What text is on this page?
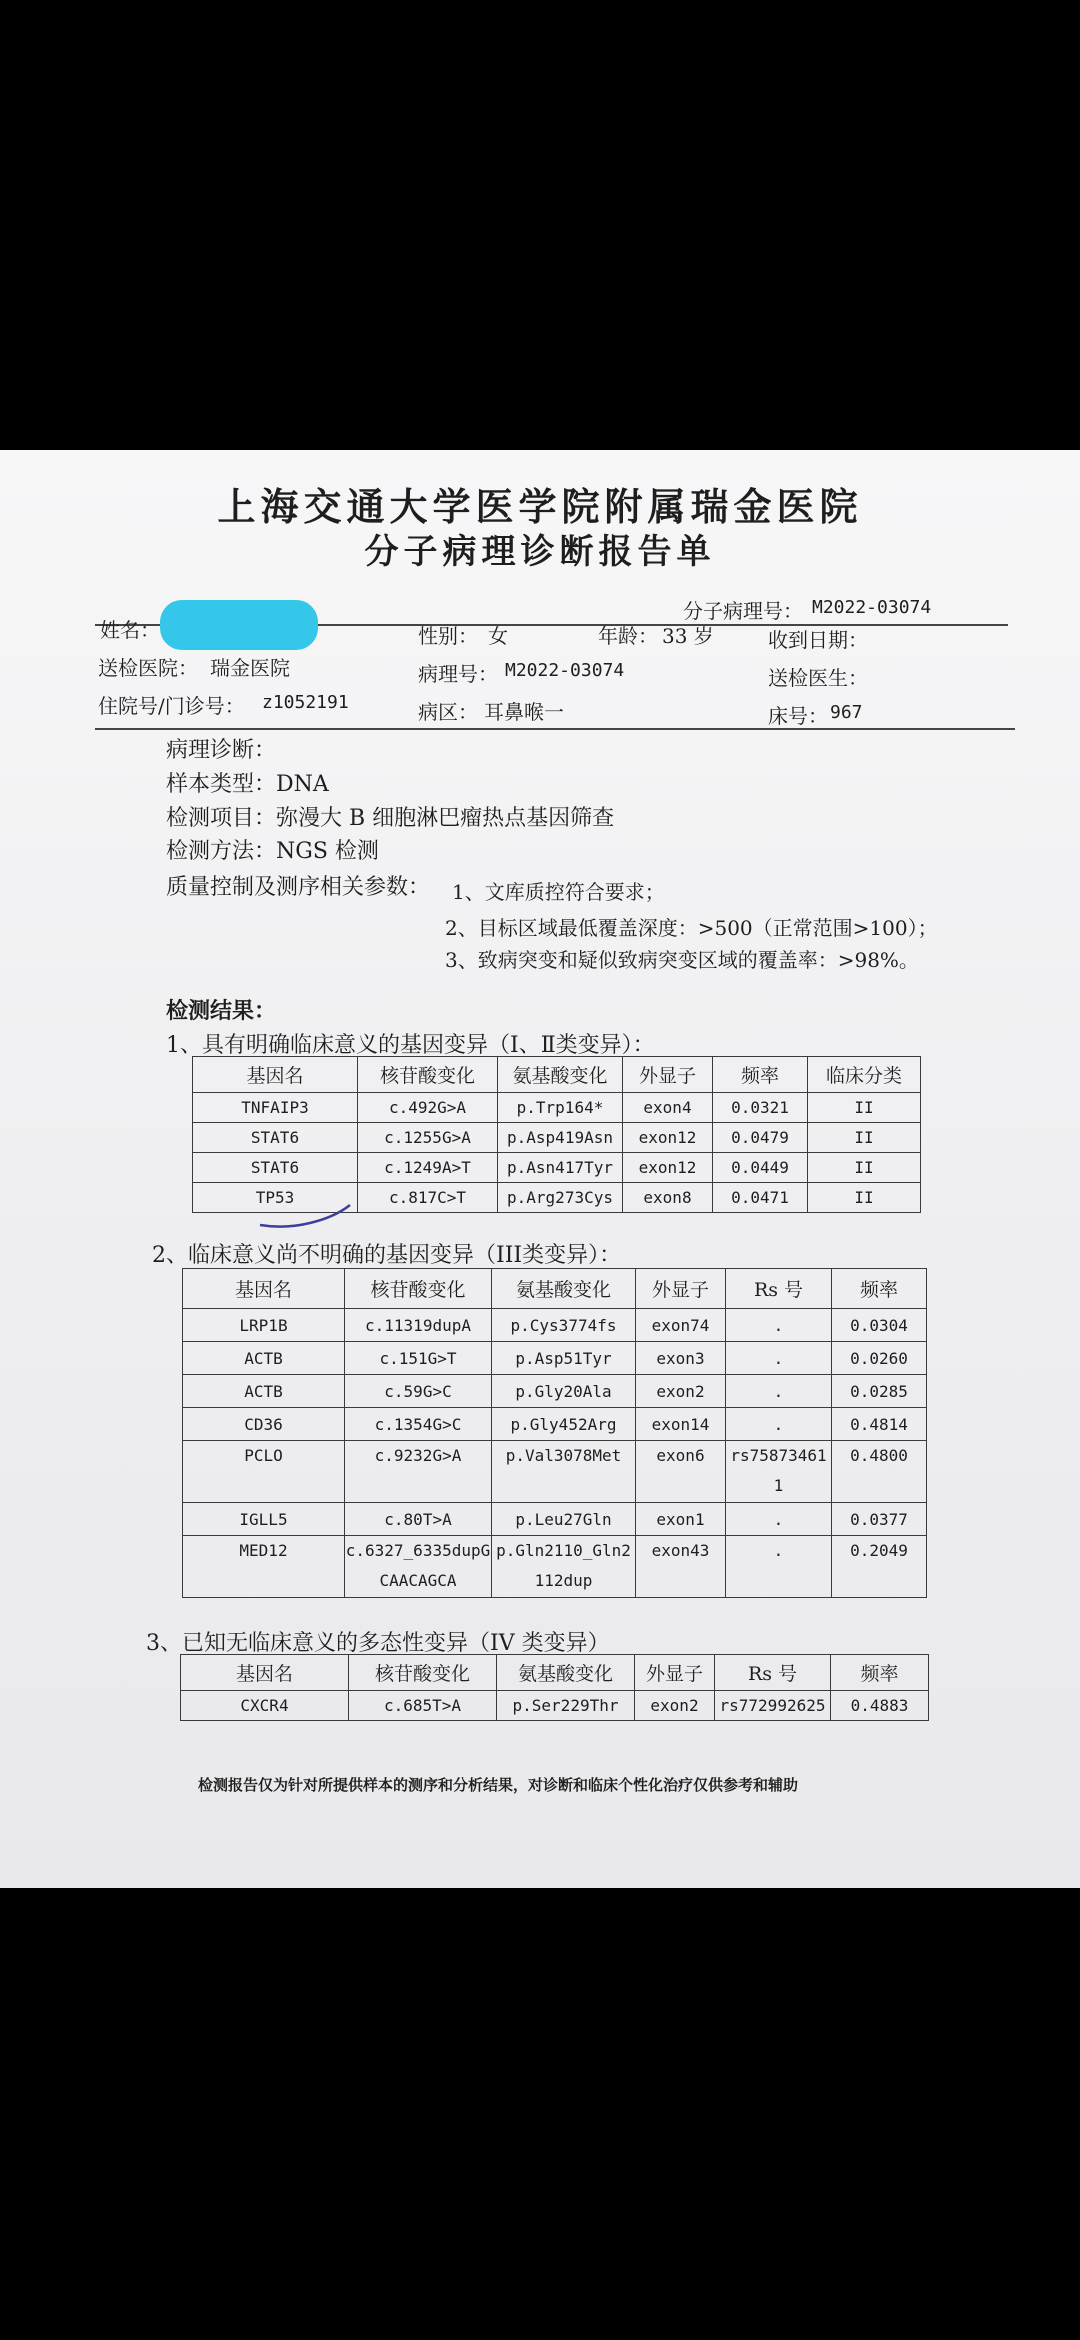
上海交通大学医学院附属瑞金医院
分子病理诊断报告单
分子病理号： M2022-03074
姓名：	性别： 女	年龄： 33 岁	收到日期：
送检医院： 瑞金医院	病理号： M2022-03074	送检医生：
住院号/门诊号： z1052191	病区： 耳鼻喉一	床号： 967
病理诊断：
样本类型：DNA
检测项目：弥漫大 B 细胞淋巴瘤热点基因筛查
检测方法：NGS 检测
质量控制及测序相关参数： 1、文库质控符合要求；
2、目标区域最低覆盖深度：>500（正常范围>100）；
3、致病突变和疑似致病突变区域的覆盖率：>98%。
检测结果：
1、具有明确临床意义的基因变异（Ⅰ、Ⅱ类变异）：
基因名	核苷酸变化	氨基酸变化	外显子	频率	临床分类
TNFAIP3	c.492G>A	p.Trp164*	exon4	0.0321	II
STAT6	c.1255G>A	p.Asp419Asn	exon12	0.0479	II
STAT6	c.1249A>T	p.Asn417Tyr	exon12	0.0449	II
TP53	c.817C>T	p.Arg273Cys	exon8	0.0471	II
2、临床意义尚不明确的基因变异（III类变异）：
基因名	核苷酸变化	氨基酸变化	外显子	Rs 号	频率
LRP1B	c.11319dupA	p.Cys3774fs	exon74	.	0.0304
ACTB	c.151G>T	p.Asp51Tyr	exon3	.	0.0260
ACTB	c.59G>C	p.Gly20Ala	exon2	.	0.0285
CD36	c.1354G>C	p.Gly452Arg	exon14	.	0.4814
PCLO	c.9232G>A	p.Val3078Met	exon6	rs758734611	0.4800
IGLL5	c.80T>A	p.Leu27Gln	exon1	.	0.0377
MED12	c.6327_6335dupGCAACAGCA	p.Gln2110_Gln2112dup	exon43	.	0.2049
3、已知无临床意义的多态性变异（IV 类变异）
基因名	核苷酸变化	氨基酸变化	外显子	Rs 号	频率
CXCR4	c.685T>A	p.Ser229Thr	exon2	rs772992625	0.4883
检测报告仅为针对所提供样本的测序和分析结果，对诊断和临床个性化治疗仅供参考和辅助
